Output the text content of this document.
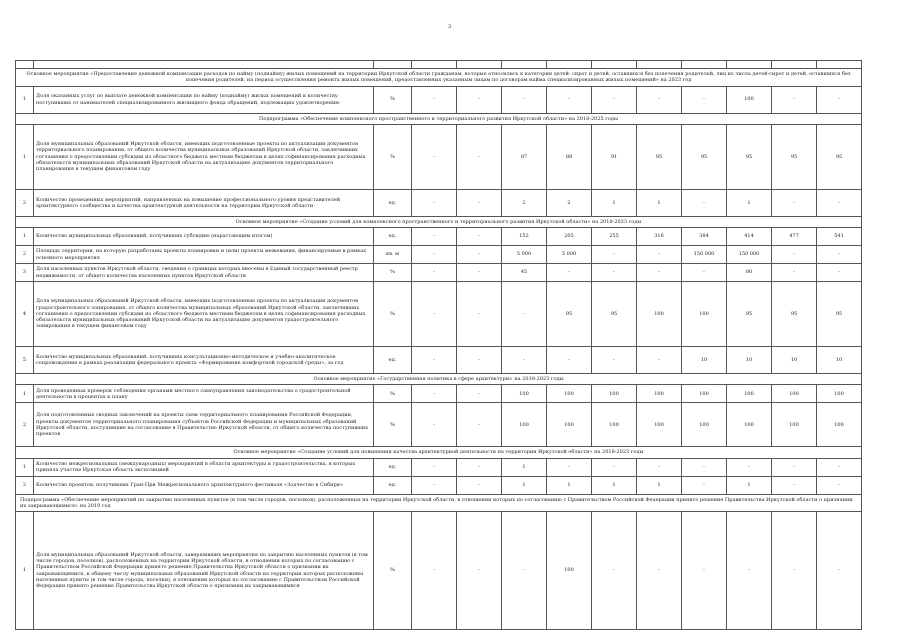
3

Основное мероприятие «Предоставление денежной компенсации расходов по найму (поднайму) жилых помещений на территории Иркутской области гражданам, которые относились к категории детей- сирот и детей, оставшихся без попечения родителей, лиц из числа детей-сирот и детей, оставшихся без попечения родителей, на период осуществления ремонта жилых помещений, предоставленных указанным лицам по договорам найма специализированных жилых помещений» на 2023 год												
1	Доля оказанных услуг по выплате денежной компенсации по найму (поднайму) жилых помещений к количеству поступивших от нанимателей специализированного жилищного фонда обращений, подлежащих удовлетворению	%	-	-	-	-	-	-	-	100	-	-
Подпрограмма «Обеспечение комплексного пространственного и территориального развития Иркутской области» на 2018-2025 годы												
1	Доля муниципальных образований Иркутской области, имеющих подготовленные проекты по актуализации документов территориального планирования, от общего количества муниципальных образований Иркутской области, заключивших соглашения о предоставлении субсидии из областного бюджета местным бюджетам в целях софинансирования расходных обязательств муниципальных образований Иркутской области на актуализацию документов территориального планирования в текущем финансовом году	%	-	-	87	88	91	95	95	95	95	95
2	Количество проведенных мероприятий, направленных на повышение профессионального уровня представителей архитектурного сообщества и качества архитектурной деятельности на территории Иркутской области	ед.	-	-	2	2	1	1	-	1	-	-
Основное мероприятие «Создание условий для комплексного пространственного и территориального развития Иркутской области» на 2018-2023 годы												
1	Количество муниципальных образований, получивших субсидию (нарастающим итогом)	ед.	-	-	152	205	255	316	384	414	477	541
2	Площадь территории, на которую разработаны проекты планировки и (или) проекты межевания, финансируемые в рамках основного мероприятия	кв. м	-	-	5 000	5 000	-	-	150 000	150 000	-	-
3	Доля населенных пунктов Иркутской области, сведения о границах которых внесены в Единый государственный реестр недвижимости, от общего количества населенных пунктов Иркутской области	%	-	-	45	-	-	-	-	80	-	-
4	Доля муниципальных образований Иркутской области, имеющих подготовленные проекты по актуализации документов градостроительного зонирования, от общего количества муниципальных образований Иркутской области, заключивших соглашения о предоставлении субсидии из областного бюджета местным бюджетам в целях софинансирования расходных обязательств муниципальных образований Иркутской области на актуализацию документов градостроительного зонирования в текущем финансовом году	%	-	-	-	95	95	100	100	95	95	95
5	Количество муниципальных образований, получивших консультационно-методическое и учебно-аналитическое сопровождение в рамках реализации федерального проекта «Формирование комфортной городской среды», за год	ед.	-	-	-	-	-	-	10	10	10	10
Основное мероприятие «Государственная политика в сфере архитектуры» на 2018-2023 годы												
1	Доля проведенных проверок соблюдения органами местного самоуправления законодательства о градостроительной деятельности в процентах к плану	%	-	-	100	100	100	100	100	100	100	100
2	Доля подготовленных сводных заключений на проекты схем территориального планирования Российской Федерации, проекты документов территориального планирования субъектов Российской Федерации и муниципальных образований Иркутской области, поступившие на согласование в Правительство Иркутской области, от общего количества поступивших проектов	%	-	-	100	100	100	100	100	100	100	100
Основное мероприятие «Создание условий для повышения качества архитектурной деятельности на территории Иркутской области» на 2018-2023 годы												
1	Количество межрегиональных (международных) мероприятий в области архитектуры и градостроительства, в которых приняла участие Иркутская область экспозицией	ед.	-	-	1	-	-	-	-	-	-	-
2	Количество проектов, получивших Гран-При Межрегионального архитектурного фестиваля «Зодчество в Сибири»	ед.	-	-	1	1	1	1	-	1	-	-
Подпрограмма «Обеспечение мероприятий по закрытию населенных пунктов (в том числе городов, поселков), расположенных на территории Иркутской области, в отношении которых по согласованию с Правительством Российской Федерации принято решение Правительства Иркутской области о признании их закрывающимися» на 2019 год												
1	Доля муниципальных образований Иркутской области, завершивших мероприятия по закрытию населенных пунктов (в том числе городов, поселков), расположенных на территории Иркутской области, в отношении которых по согласованию с Правительством Российской Федерации принято решение Правительства Иркутской области о признании их закрывающимися, к общему числу муниципальных образований Иркутской области на территории которых расположены населенные пункты (в том числе города, поселки), в отношении которых по согласованию с Правительством Российской Федерации принято решение Правительства Иркутской области о признании их закрывающимися	%	-	-	-	100	-	-	-	-	-	-
